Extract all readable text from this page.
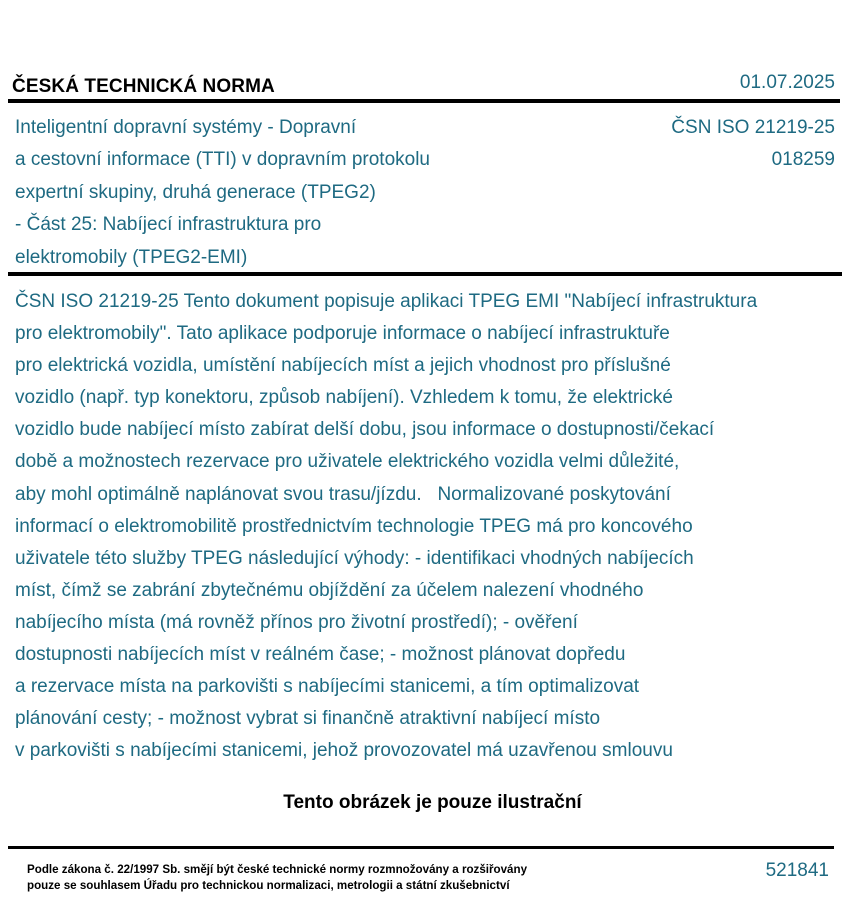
ČESKÁ TECHNICKÁ NORMA	01.07.2025
Inteligentní dopravní systémy - Dopravní
a cestovní informace (TTI) v dopravním protokolu
expertní skupiny, druhá generace (TPEG2)
- Část 25: Nabíjecí infrastruktura pro
elektromobily (TPEG2-EMI)
ČSN ISO 21219-25
018259
ČSN ISO 21219-25 Tento dokument popisuje aplikaci TPEG EMI "Nabíjecí infrastruktura
pro elektromobily". Tato aplikace podporuje informace o nabíjecí infrastruktuře
pro elektrická vozidla, umístění nabíjecích míst a jejich vhodnost pro příslušné
vozidlo (např. typ konektoru, způsob nabíjení). Vzhledem k tomu, že elektrické
vozidlo bude nabíjecí místo zabírat delší dobu, jsou informace o dostupnosti/čekací
době a možnostech rezervace pro uživatele elektrického vozidla velmi důležité,
aby mohl optimálně naplánovat svou trasu/jízdu.   Normalizované poskytování
informací o elektromobilitě prostřednictvím technologie TPEG má pro koncového
uživatele této služby TPEG následující výhody: - identifikaci vhodných nabíjecích
míst, čímž se zabrání zbytečnému objíždění za účelem nalezení vhodného
nabíjecího místa (má rovněž přínos pro životní prostředí); - ověření
dostupnosti nabíjecích míst v reálném čase; - možnost plánovat dopředu
a rezervace místa na parkovišti s nabíjecími stanicemi, a tím optimalizovat
plánování cesty; - možnost vybrat si finančně atraktivní nabíjecí místo
v parkovišti s nabíjecími stanicemi, jehož provozovatel má uzavřenou smlouvu
Tento obrázek je pouze ilustrační
Podle zákona č. 22/1997 Sb. smějí být české technické normy rozmnožovány a rozšiřovány
pouze se souhlasem Úřadu pro technickou normalizaci, metrologii a státní zkušebnictví
521841
